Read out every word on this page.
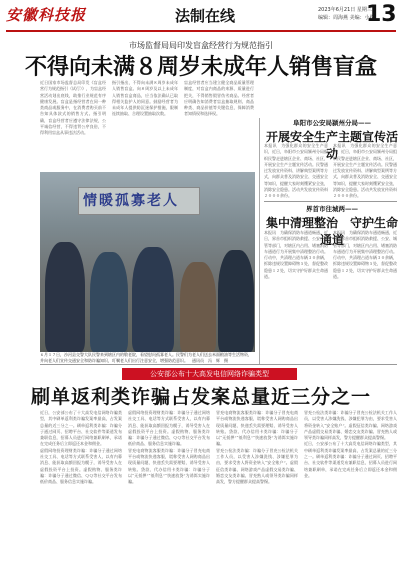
安徽科技报	法制在线	2023年6月21日 星期三
编辑：周海燕 美编：小路
13
市场监督局局印发盲盒经营行为规范指引
不得向未满８周岁未成年人销售盲盒
近日国家市场监督总局印发《盲盒经营行为规范指引（试行）》，为盲盒经营活动划出底线，助推行业规范有序健康发展。盲盒是指经营者在同一种类商品或服务中，在消费者购买前不告知具体款式的销售方式。指引明确，盲盒经营者应遵守法律法规，公平诚信经营，不得违背公序良俗，不得利用盲盒从事违法活动。
指引指出，不得向未满８周岁未成年人销售盲盒。向８周岁及以上未成年人销售盲盒商品，应当依法确认已取得相关监护人的同意。鼓励经营者为未成年人提供防沉迷保护措施，限制连续抽取、合理设置抽取次数。
盲盒经营者应当建立健全商品质量管理制度，对盲盒内商品的来源、质量进行把关，不得销售假冒伪劣商品。经营者应明确告知消费者盲盒抽取规则、商品种类、商品价值等关键信息，保障消费者知情权和选择权。
情暖孤寡老人
６月１７日，沙河县交警大队民警来到辖区内的敬老院，看望慰问孤寡老人。民警们为老人们送去米面粮油等生活物资，并向老人们宣传交通安全和防诈骗知识，叮嘱老人们出行注意安全，增强防范意识。　 通讯员　冯　辉　摄
阜阳市公安局颍州分局——
开展安全生产主题宣传活动
本报讯　为强化群众的安全生产意识，近日，阜阳市公安局颍州分局组织民警走进辖区企业、商场、社区，开展安全生产主题宣传活动。民警通过发放宣传资料、讲解典型案例等方式，向群众普及消防安全、交通安全等知识，提醒大家时刻绷紧安全弦，消除安全隐患。活动共发放宣传资料２０００余份。
本报讯　为强化群众的安全生产意识，近日，阜阳市公安局颍州分局组织民警走进辖区企业、商场、社区，开展安全生产主题宣传活动。民警通过发放宣传资料、讲解典型案例等方式，向群众普及消防安全、交通安全等知识，提醒大家时刻绷紧安全弦，消除安全隐患。活动共发放宣传资料２０００余份。
界首市往城两——
集中清理整治　守护生命通道
本报讯　为确保消防车通道畅通，近日，界首市组织消防救援、公安、城管等部门，对辖区内占用、堵塞消防车通道行为开展集中清理整治行动。行动中，共清理占道车辆３０余辆，拆除违规设置障碍物５处，督促整改隐患１２处，切实守护好群众生命通道。
本报讯　为确保消防车通道畅通，近日，界首市组织消防救援、公安、城管等部门，对辖区内占用、堵塞消防车通道行为开展集中清理整治行动。行动中，共清理占道车辆３０余辆，拆除违规设置障碍物５处，督促整改隐患１２处，切实守护好群众生命通道。
公安部公布十大高发电信网络诈骗类型
刷单返利类诈骗占发案总量近三分之一
近日，公安部公布了十大高发电信网络诈骗类型，其中刷单返利类诈骗发案率最高，占发案总量的近三分之一。刷单返利类诈骗：诈骗分子通过网页、招聘平台、社交软件等渠道发布兼职信息，招募人员进行网络兼职刷单，承诺在完成任务后立即返还本金和佣金。
虚假网络投资理财类诈骗：诈骗分子通过网络社交工具、电话等方式联系受害人，以有内幕消息、能获取高额回报为幌子，诱导受害人在虚假投资平台上投资。虚假购物、服务类诈骗：诈骗分子通过微信、ＱＱ等社交平台发布低价商品、服务信息实施诈骗。
虚假网络投资理财类诈骗：诈骗分子通过网络社交工具、电话等方式联系受害人，以有内幕消息、能获取高额回报为幌子，诱导受害人在虚假投资平台上投资。虚假购物、服务类诈骗：诈骗分子通过微信、ＱＱ等社交平台发布低价商品、服务信息实施诈骗。
冒充电商物流客服类诈骗：诈骗分子冒充电商平台或物流快递客服，谎称受害人网购商品出现质量问题、快递丢失需要理赔，诱导受害人转账。贷款、代办信用卡类诈骗：诈骗分子以“无抵押”“低利息”“快速放贷”为诱饵实施诈骗。
冒充电商物流客服类诈骗：诈骗分子冒充电商平台或物流快递客服，谎称受害人网购商品出现质量问题、快递丢失需要理赔，诱导受害人转账。贷款、代办信用卡类诈骗：诈骗分子以“无抵押”“低利息”“快速放贷”为诱饵实施诈骗。
冒充公检法类诈骗：诈骗分子冒充公检法机关工作人员，以受害人涉嫌洗钱、涉嫌犯罪为由，要求受害人将资金转入“安全账户”。虚假征信类诈骗、网络游戏产品虚假交易类诈骗、婚恋交友类诈骗、冒充熟人或领导类诈骗同样高发，警方提醒群众提高警惕。
冒充公检法类诈骗：诈骗分子冒充公检法机关工作人员，以受害人涉嫌洗钱、涉嫌犯罪为由，要求受害人将资金转入“安全账户”。虚假征信类诈骗、网络游戏产品虚假交易类诈骗、婚恋交友类诈骗、冒充熟人或领导类诈骗同样高发，警方提醒群众提高警惕。
近日，公安部公布了十大高发电信网络诈骗类型，其中刷单返利类诈骗发案率最高，占发案总量的近三分之一。刷单返利类诈骗：诈骗分子通过网页、招聘平台、社交软件等渠道发布兼职信息，招募人员进行网络兼职刷单，承诺在完成任务后立即返还本金和佣金。
